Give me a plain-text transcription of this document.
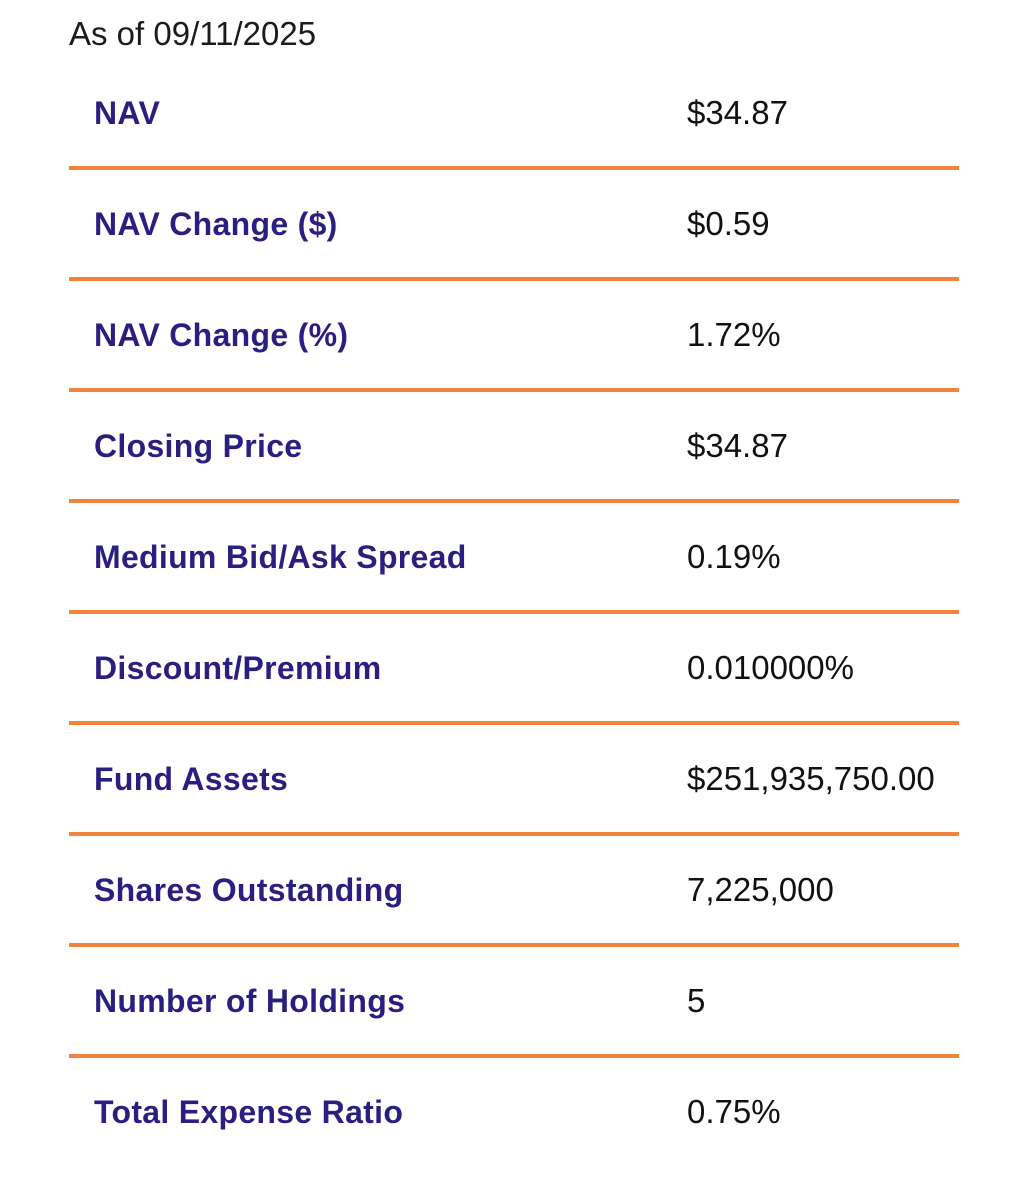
As of 09/11/2025
NAV	$34.87
NAV Change ($)	$0.59
NAV Change (%)	1.72%
Closing Price	$34.87
Medium Bid/Ask Spread	0.19%
Discount/Premium	0.010000%
Fund Assets	$251,935,750.00
Shares Outstanding	7,225,000
Number of Holdings	5
Total Expense Ratio	0.75%
